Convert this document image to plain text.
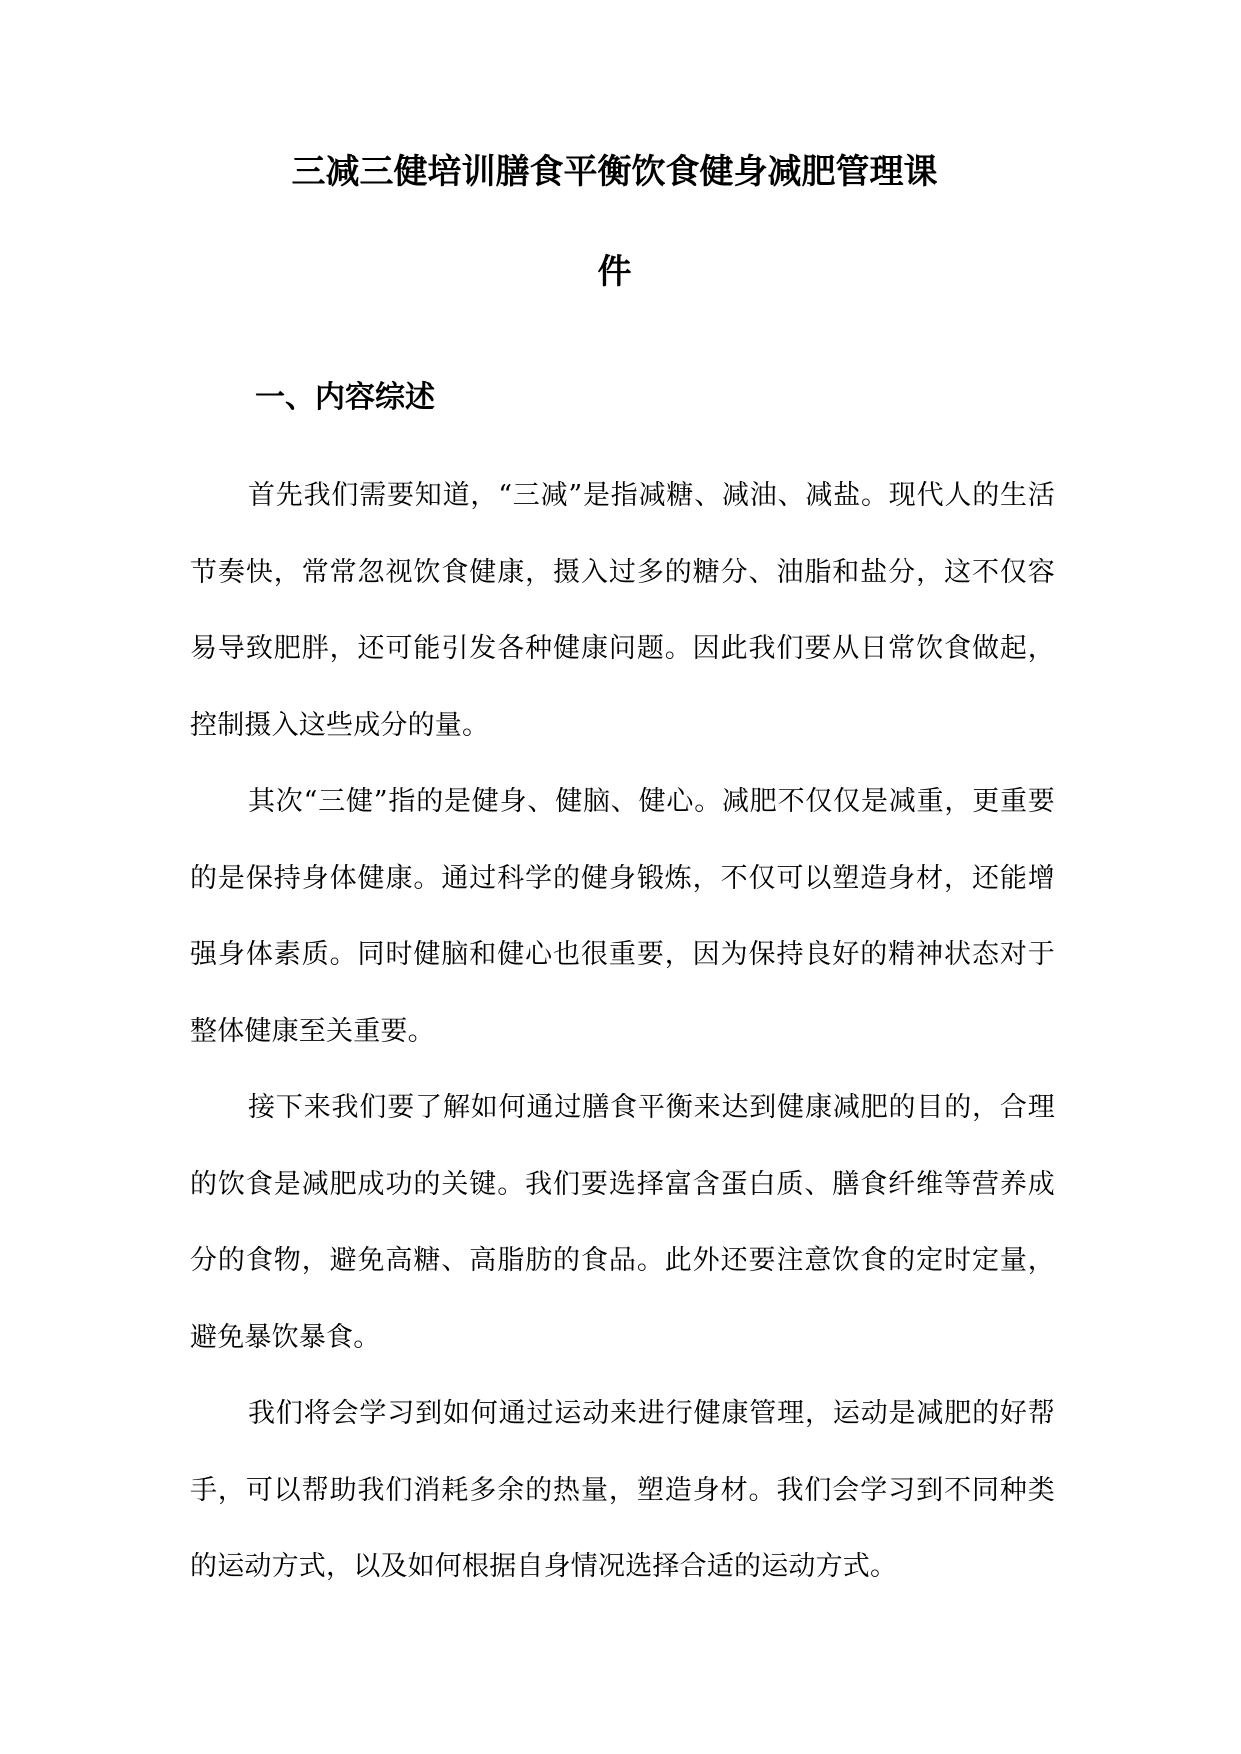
三减三健培训膳食平衡饮食健身减肥管理课
件
一、内容综述

首先我们需要知道，“三减”是指减糖、减油、减盐。现代人的生活节奏快，常常忽视饮食健康，摄入过多的糖分、油脂和盐分，这不仅容易导致肥胖，还可能引发各种健康问题。因此我们要从日常饮食做起，控制摄入这些成分的量。

其次“三健”指的是健身、健脑、健心。减肥不仅仅是减重，更重要的是保持身体健康。通过科学的健身锻炼，不仅可以塑造身材，还能增强身体素质。同时健脑和健心也很重要，因为保持良好的精神状态对于整体健康至关重要。

接下来我们要了解如何通过膳食平衡来达到健康减肥的目的，合理的饮食是减肥成功的关键。我们要选择富含蛋白质、膳食纤维等营养成分的食物，避免高糖、高脂肪的食品。此外还要注意饮食的定时定量，避免暴饮暴食。

我们将会学习到如何通过运动来进行健康管理，运动是减肥的好帮手，可以帮助我们消耗多余的热量，塑造身材。我们会学习到不同种类的运动方式，以及如何根据自身情况选择合适的运动方式。
